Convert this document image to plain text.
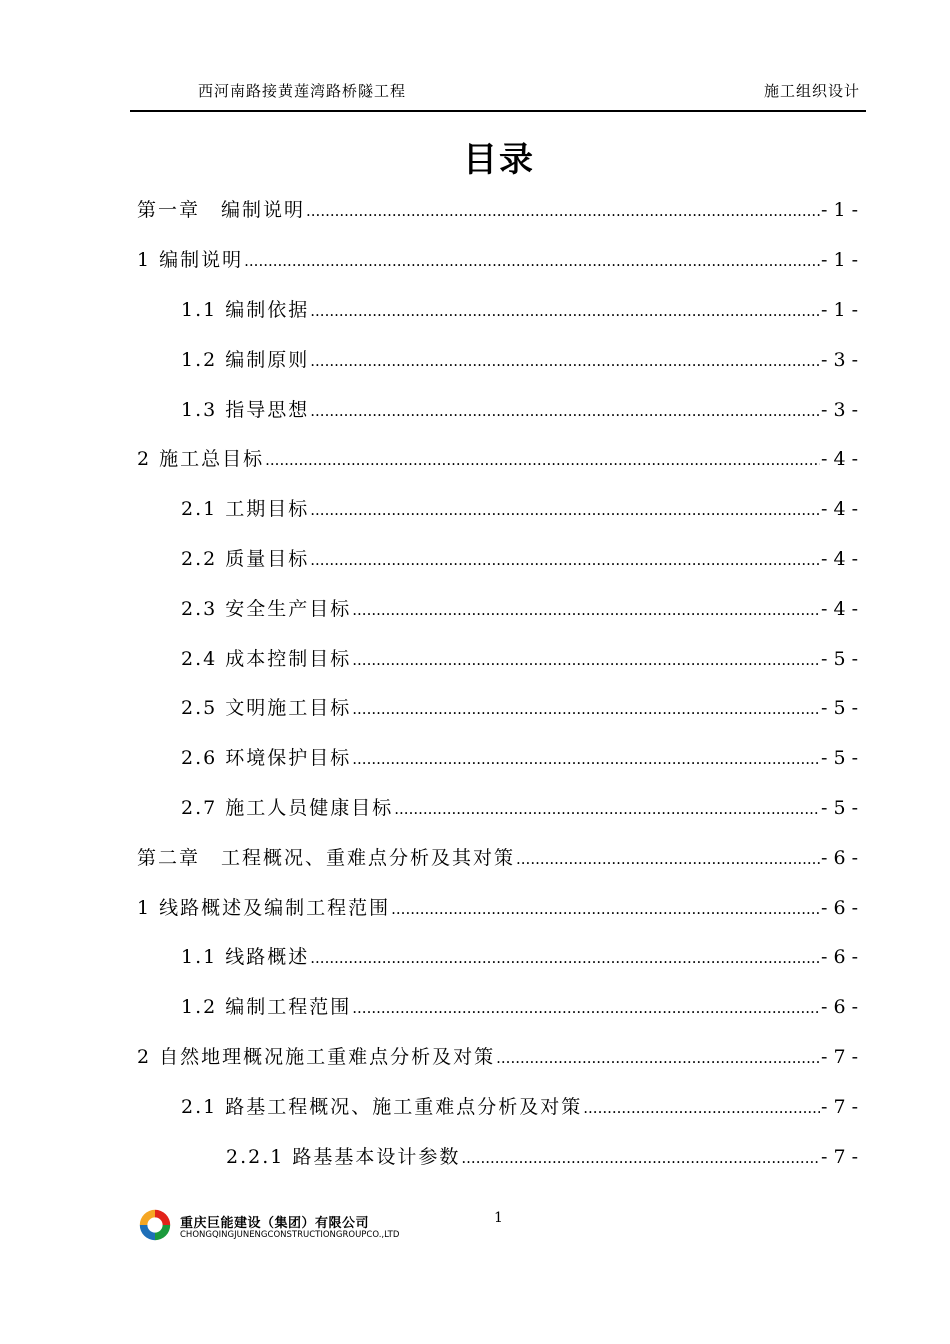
西河南路接黄莲湾路桥隧工程	施工组织设计
目录
第一章　编制说明 .....	- 1 -
1 编制说明 .....	- 1 -
1.1 编制依据 .....	- 1 -
1.2 编制原则 .....	- 3 -
1.3 指导思想 .....	- 3 -
2 施工总目标 .....	- 4 -
2.1 工期目标 .....	- 4 -
2.2 质量目标 .....	- 4 -
2.3 安全生产目标 .....	- 4 -
2.4 成本控制目标 .....	- 5 -
2.5 文明施工目标 .....	- 5 -
2.6 环境保护目标 .....	- 5 -
2.7 施工人员健康目标 .....	- 5 -
第二章　工程概况、重难点分析及其对策 .....	- 6 -
1 线路概述及编制工程范围 .....	- 6 -
1.1 线路概述 .....	- 6 -
1.2 编制工程范围 .....	- 6 -
2 自然地理概况施工重难点分析及对策 .....	- 7 -
2.1 路基工程概况、施工重难点分析及对策 .....	- 7 -
2.2.1 路基基本设计参数 .....	- 7 -
重庆巨能建设（集团）有限公司
CHONGQINGJUNENGCONSTRUCTIONGROUPCO.,LTD
1
